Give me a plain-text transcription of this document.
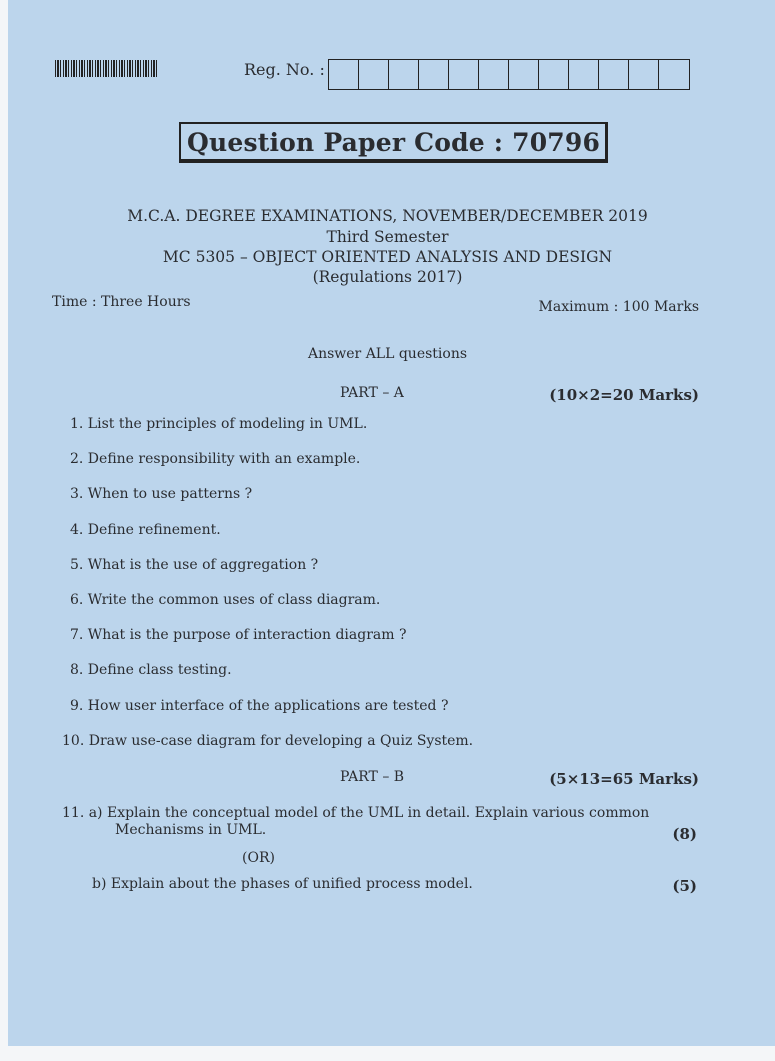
Reg. No. :
Question Paper Code : 70796
M.C.A. DEGREE EXAMINATIONS, NOVEMBER/DECEMBER 2019
Third Semester
MC 5305 – OBJECT ORIENTED ANALYSIS AND DESIGN
(Regulations 2017)
Time : Three Hours	Maximum : 100 Marks
Answer ALL questions
PART – A	(10×2=20 Marks)
1. List the principles of modeling in UML.
2. Define responsibility with an example.
3. When to use patterns ?
4. Define refinement.
5. What is the use of aggregation ?
6. Write the common uses of class diagram.
7. What is the purpose of interaction diagram ?
8. Define class testing.
9. How user interface of the applications are tested ?
10. Draw use-case diagram for developing a Quiz System.
PART – B	(5×13=65 Marks)
11. a) Explain the conceptual model of the UML in detail. Explain various common
Mechanisms in UML.	(8)
(OR)
b) Explain about the phases of unified process model.	(5)
